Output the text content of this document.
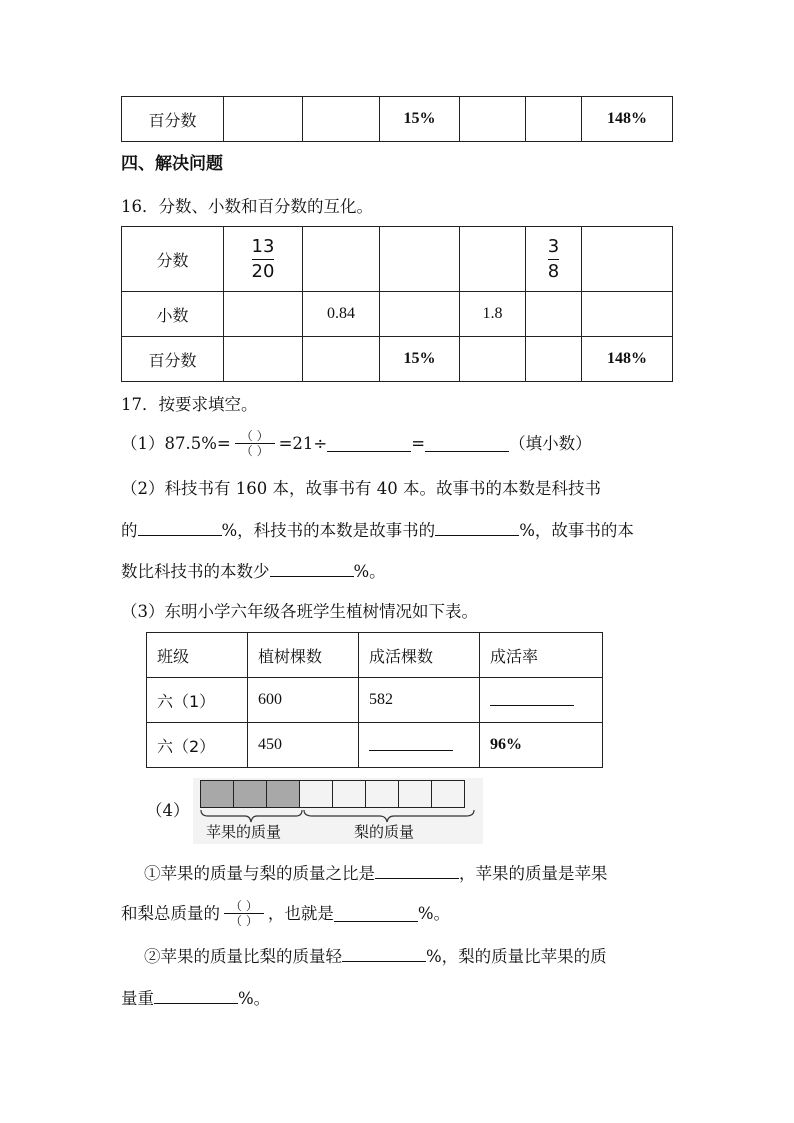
百分数			15%			148%
四、解决问题
16．分数、小数和百分数的互化。
分数	$\frac{13}{20}$				$\frac{3}{8}$

小数		0.84		1.8		
百分数			15%			148%
17．按要求填空。
$(1)87.5\%= \frac{( )}{( )} =21\div$	=	（填小数）
（2）科技书有 160 本，故事书有 40 本。故事书的本数是科技书
的	%，科技书的本数是故事书的	%，故事书的本
数比科技书的本数少	%。
（3）东明小学六年级各班学生植树情况如下表。
班级	植树棵数	成活棵数	成活率
六（1）	600	582	
六（2）	450		96%
（4）
苹果的质量	梨的质量
①苹果的质量与梨的质量之比是	，苹果的质量是苹果
和梨总质量的 $\frac{( )}{( )}$ ，也就是	%。
②苹果的质量比梨的质量轻	%，梨的质量比苹果的质
量重	%。
